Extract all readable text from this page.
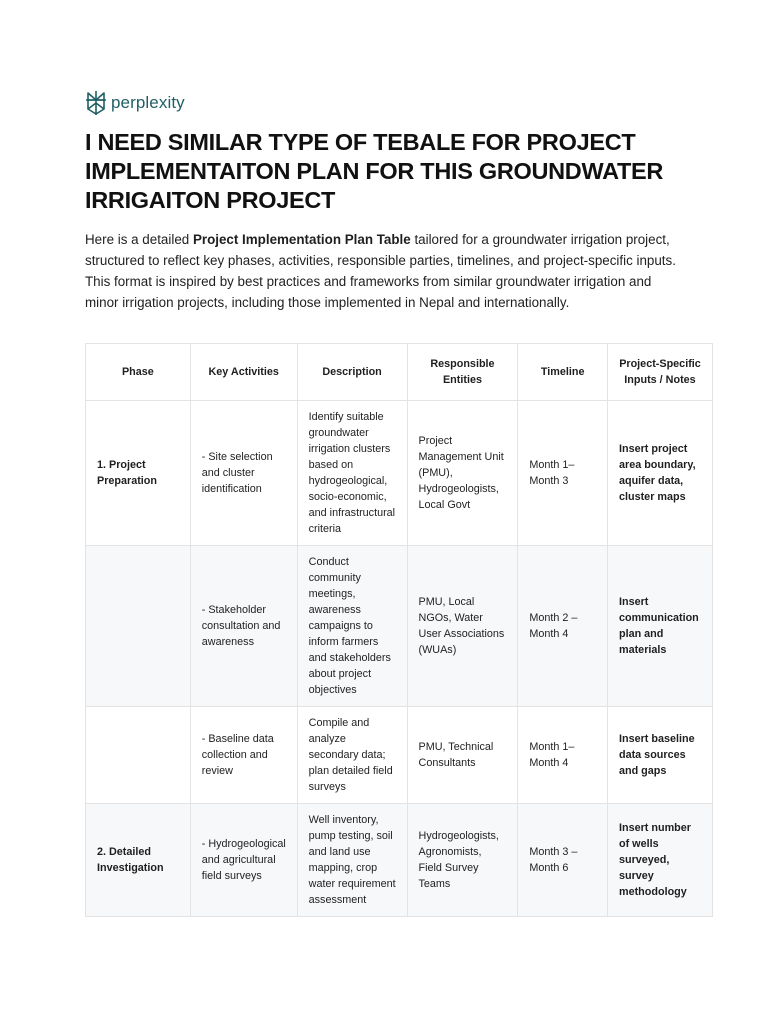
perplexity
I NEED SIMILAR TYPE OF TEBALE FOR PROJECT IMPLEMENTAITON PLAN FOR THIS GROUNDWATER IRRIGAITON PROJECT

Here is a detailed Project Implementation Plan Table tailored for a groundwater irrigation project, structured to reflect key phases, activities, responsible parties, timelines, and project-specific inputs. This format is inspired by best practices and frameworks from similar groundwater irrigation and minor irrigation projects, including those implemented in Nepal and internationally.

Phase	Key Activities	Description	Responsible Entities	Timeline	Project-Specific Inputs / Notes
1. Project Preparation	- Site selection and cluster identification	Identify suitable groundwater irrigation clusters based on hydrogeological, socio-economic, and infrastructural criteria	Project Management Unit (PMU), Hydrogeologists, Local Govt	Month 1–Month 3	Insert project area boundary, aquifer data, cluster maps
	- Stakeholder consultation and awareness	Conduct community meetings, awareness campaigns to inform farmers and stakeholders about project objectives	PMU, Local NGOs, Water User Associations (WUAs)	Month 2 – Month 4	Insert communication plan and materials
	- Baseline data collection and review	Compile and analyze secondary data; plan detailed field surveys	PMU, Technical Consultants	Month 1–Month 4	Insert baseline data sources and gaps
2. Detailed Investigation	- Hydrogeological and agricultural field surveys	Well inventory, pump testing, soil and land use mapping, crop water requirement assessment	Hydrogeologists, Agronomists, Field Survey Teams	Month 3 – Month 6	Insert number of wells surveyed, survey methodology
